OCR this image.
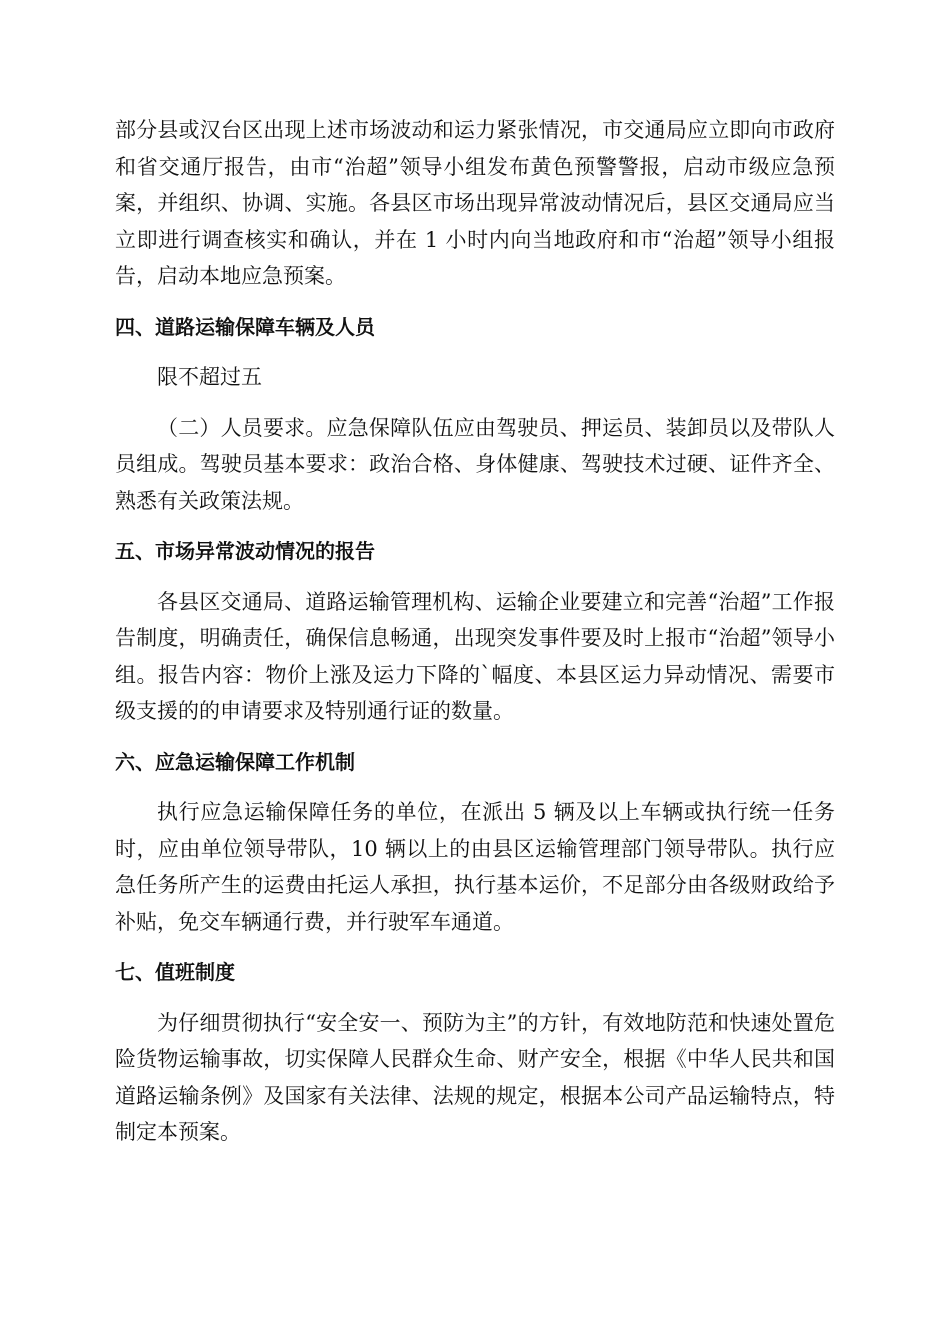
部分县或汉台区出现上述市场波动和运力紧张情况，市交通局应立即向市政府和省交通厅报告，由市“治超”领导小组发布黄色预警警报，启动市级应急预案，并组织、协调、实施。各县区市场出现异常波动情况后，县区交通局应当立即进行调查核实和确认，并在 1 小时内向当地政府和市“治超”领导小组报告，启动本地应急预案。

四、道路运输保障车辆及人员

限不超过五

（二）人员要求。应急保障队伍应由驾驶员、押运员、装卸员以及带队人员组成。驾驶员基本要求：政治合格、身体健康、驾驶技术过硬、证件齐全、熟悉有关政策法规。

五、市场异常波动情况的报告

各县区交通局、道路运输管理机构、运输企业要建立和完善“治超”工作报告制度，明确责任，确保信息畅通，出现突发事件要及时上报市“治超”领导小组。报告内容：物价上涨及运力下降的`幅度、本县区运力异动情况、需要市级支援的的申请要求及特别通行证的数量。

六、应急运输保障工作机制

执行应急运输保障任务的单位，在派出 5 辆及以上车辆或执行统一任务时，应由单位领导带队，10 辆以上的由县区运输管理部门领导带队。执行应急任务所产生的运费由托运人承担，执行基本运价，不足部分由各级财政给予补贴，免交车辆通行费，并行驶军车通道。

七、值班制度

为仔细贯彻执行“安全安一、预防为主”的方针，有效地防范和快速处置危险货物运输事故，切实保障人民群众生命、财产安全，根据《中华人民共和国道路运输条例》及国家有关法律、法规的规定，根据本公司产品运输特点，特制定本预案。
